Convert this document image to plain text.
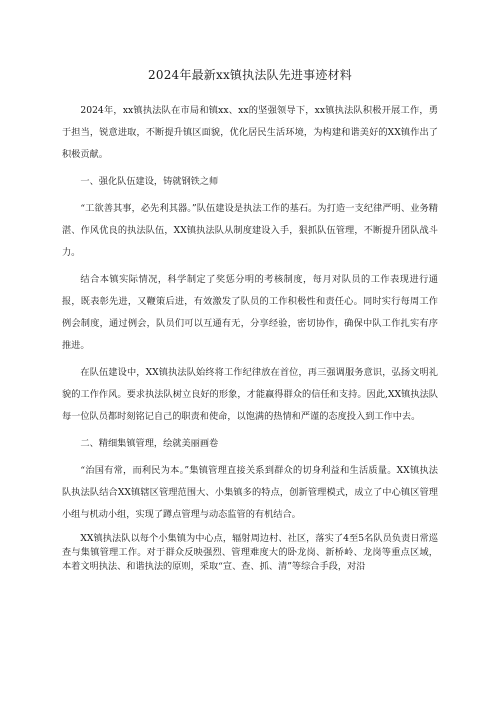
2024年最新xx镇执法队先进事迹材料

2024年，xx镇执法队在市局和镇xx、xx的坚强领导下，xx镇执法队积极开展工作，勇于担当，锐意进取，不断提升镇区面貌，优化居民生活环境，为构建和谐美好的XX镇作出了积极贡献。

一、强化队伍建设，铸就钢铁之师

“工欲善其事，必先利其器。”队伍建设是执法工作的基石。为打造一支纪律严明、业务精湛、作风优良的执法队伍，XX镇执法队从制度建设入手，狠抓队伍管理，不断提升团队战斗力。

结合本镇实际情况，科学制定了奖惩分明的考核制度，每月对队员的工作表现进行通报，既表彰先进，又鞭策后进，有效激发了队员的工作积极性和责任心。同时实行每周工作例会制度，通过例会，队员们可以互通有无，分享经验，密切协作，确保中队工作扎实有序推进。

在队伍建设中，XX镇执法队始终将工作纪律放在首位，再三强调服务意识，弘扬文明礼貌的工作作风。要求执法队树立良好的形象，才能赢得群众的信任和支持。因此,XX镇执法队每一位队员都时刻铭记自己的职责和使命，以饱满的热情和严谨的态度投入到工作中去。

二、精细集镇管理，绘就美丽画卷

“治国有常，而利民为本。”集镇管理直接关系到群众的切身利益和生活质量。XX镇执法队执法队结合XX镇辖区管理范围大、小集镇多的特点，创新管理模式，成立了中心镇区管理小组与机动小组，实现了蹲点管理与动态监管的有机结合。

XX镇执法队以每个小集镇为中心点，辐射周边村、社区，落实了4至5名队员负责日常巡查与集镇管理工作。对于群众反映强烈、管理难度大的卧龙岗、新桥岭、龙岗等重点区域，本着文明执法、和谐执法的原则，采取“宣、查、抓、清”等综合手段，对沿
